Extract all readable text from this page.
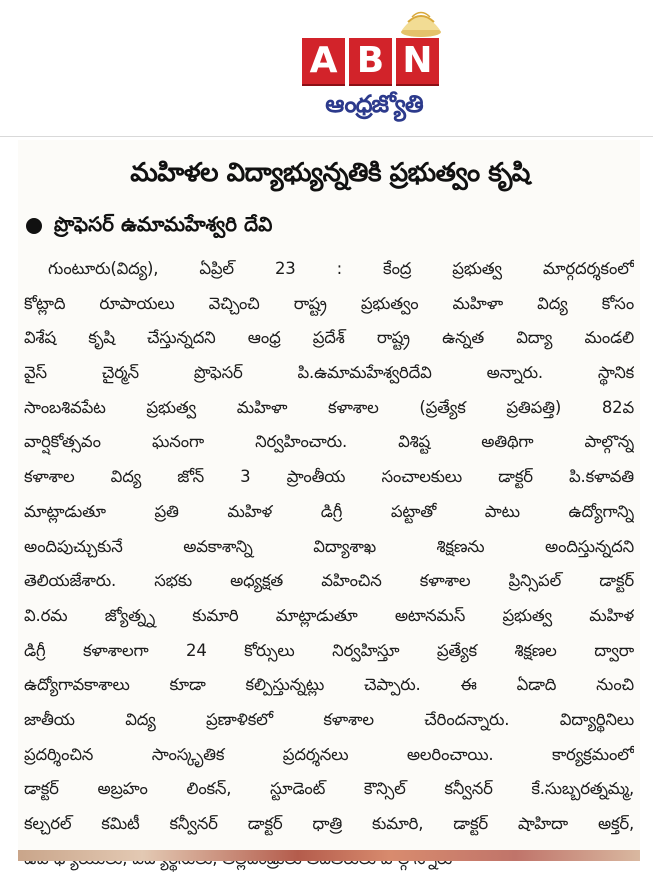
A B N
ఆంధ్రజ్యోతి
మహిళల విద్యాభ్యున్నతికి ప్రభుత్వం కృషి
ప్రొఫెసర్ ఉమామహేశ్వరి దేవి
గుంటూరు(విద్య), ఏప్రిల్ 23 : కేంద్ర ప్రభుత్వ మార్గదర్శకంలో
కోట్లాది రూపాయలు వెచ్చించి రాష్ట్ర ప్రభుత్వం మహిళా విద్య కోసం
విశేష కృషి చేస్తున్నదని ఆంధ్ర ప్రదేశ్ రాష్ట్ర ఉన్నత విద్యా మండలి
వైస్ చైర్మన్ ప్రొఫెసర్ పి.ఉమామహేశ్వరిదేవి అన్నారు. స్థానిక
సాంబశివపేట ప్రభుత్వ మహిళా కళాశాల (ప్రత్యేక ప్రతిపత్తి) 82వ
వార్షికోత్సవం ఘనంగా నిర్వహించారు. విశిష్ట అతిథిగా పాల్గొన్న
కళాశాల విద్య జోన్ 3 ప్రాంతీయ సంచాలకులు డాక్టర్ పి.కళావతి
మాట్లాడుతూ ప్రతి మహిళ డిగ్రీ పట్టాతో పాటు ఉద్యోగాన్ని
అందిపుచ్చుకునే అవకాశాన్ని విద్యాశాఖ శిక్షణను అందిస్తున్నదని
తెలియజేశారు. సభకు అధ్యక్షత వహించిన కళాశాల ప్రిన్సిపల్ డాక్టర్
వి.రమ జ్యోత్న్న కుమారి మాట్లాడుతూ అటానమస్ ప్రభుత్వ మహిళ
డిగ్రీ కళాశాలగా 24 కోర్సులు నిర్వహిస్తూ ప్రత్యేక శిక్షణల ద్వారా
ఉద్యోగావకాశాలు కూడా కల్పిస్తున్నట్లు చెప్పారు. ఈ ఏడాది నుంచి
జాతీయ విద్య ప్రణాళికలో కళాశాల చేరిందన్నారు. విద్యార్థినిలు
ప్రదర్శించిన సాంస్కృతిక ప్రదర్శనలు అలరించాయి. కార్యక్రమంలో
డాక్టర్ అబ్రహం లింకన్, స్టూడెంట్ కౌన్సిల్ కన్వీనర్ కే.సుబ్బరత్నమ్మ,
కల్చరల్ కమిటీ కన్వీనర్ డాక్టర్ ధాత్రి కుమారి, డాక్టర్ షాహిదా అక్తర్,
